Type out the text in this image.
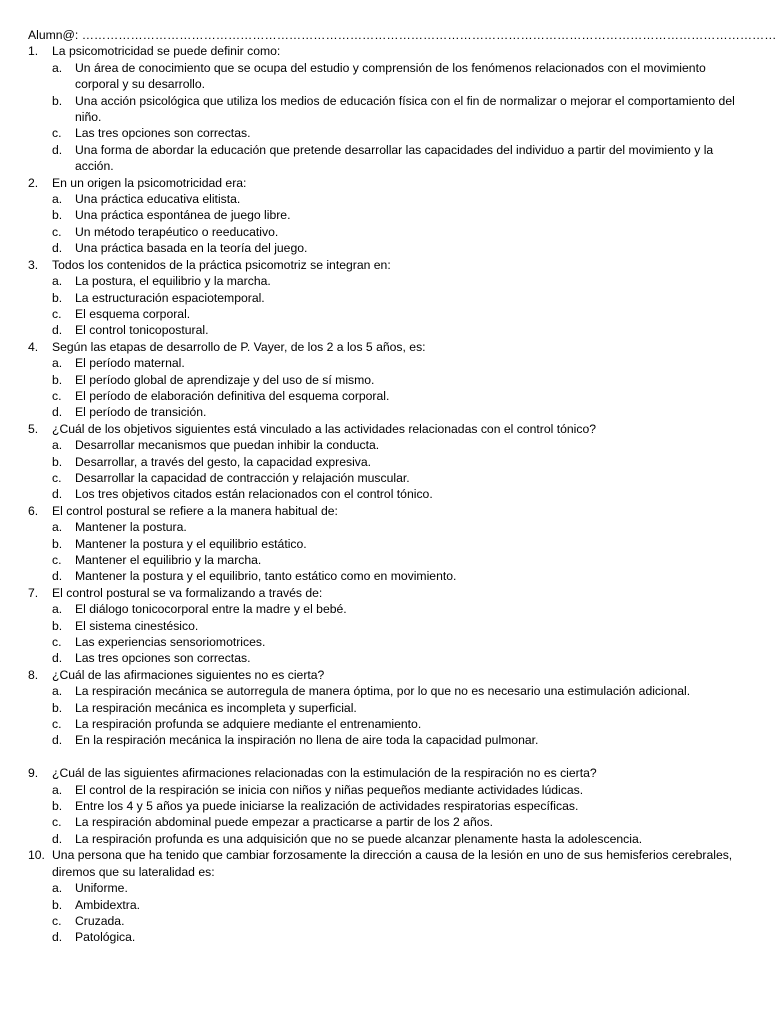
Alumn@: ………………………………………………………………………………………………………………………………………………………
1. La psicomotricidad se puede definir como:
a. Un área de conocimiento que se ocupa del estudio y comprensión de los fenómenos relacionados con el movimiento corporal y su desarrollo.
b. Una acción psicológica que utiliza los medios de educación física con el fin de normalizar o mejorar el comportamiento del niño.
c. Las tres opciones son correctas.
d. Una forma de abordar la educación que pretende desarrollar las capacidades del individuo a partir del movimiento y la acción.
2. En un origen la psicomotricidad era:
a. Una práctica educativa elitista.
b. Una práctica espontánea de juego libre.
c. Un método terapéutico o reeducativo.
d. Una práctica basada en la teoría del juego.
3. Todos los contenidos de la práctica psicomotriz se integran en:
a. La postura, el equilibrio y la marcha.
b. La estructuración espaciotemporal.
c. El esquema corporal.
d. El control tonicopostural.
4. Según las etapas de desarrollo de P. Vayer, de los 2 a los 5 años, es:
a. El período maternal.
b. El período global de aprendizaje y del uso de sí mismo.
c. El período de elaboración definitiva del esquema corporal.
d. El período de transición.
5. ¿Cuál de los objetivos siguientes está vinculado a las actividades relacionadas con el control tónico?
a. Desarrollar mecanismos que puedan inhibir la conducta.
b. Desarrollar, a través del gesto, la capacidad expresiva.
c. Desarrollar la capacidad de contracción y relajación muscular.
d. Los tres objetivos citados están relacionados con el control tónico.
6. El control postural se refiere a la manera habitual de:
a. Mantener la postura.
b. Mantener la postura y el equilibrio estático.
c. Mantener el equilibrio y la marcha.
d. Mantener la postura y el equilibrio, tanto estático como en movimiento.
7. El control postural se va formalizando a través de:
a. El diálogo tonicocorporal entre la madre y el bebé.
b. El sistema cinestésico.
c. Las experiencias sensoriomotrices.
d. Las tres opciones son correctas.
8. ¿Cuál de las afirmaciones siguientes no es cierta?
a. La respiración mecánica se autorregula de manera óptima, por lo que no es necesario una estimulación adicional.
b. La respiración mecánica es incompleta y superficial.
c. La respiración profunda se adquiere mediante el entrenamiento.
d. En la respiración mecánica la inspiración no llena de aire toda la capacidad pulmonar.
9. ¿Cuál de las siguientes afirmaciones relacionadas con la estimulación de la respiración no es cierta?
a. El control de la respiración se inicia con niños y niñas pequeños mediante actividades lúdicas.
b. Entre los 4 y 5 años ya puede iniciarse la realización de actividades respiratorias específicas.
c. La respiración abdominal puede empezar a practicarse a partir de los 2 años.
d. La respiración profunda es una adquisición que no se puede alcanzar plenamente hasta la adolescencia.
10. Una persona que ha tenido que cambiar forzosamente la dirección a causa de la lesión en uno de sus hemisferios cerebrales, diremos que su lateralidad es:
a. Uniforme.
b. Ambidextra.
c. Cruzada.
d. Patológica.
